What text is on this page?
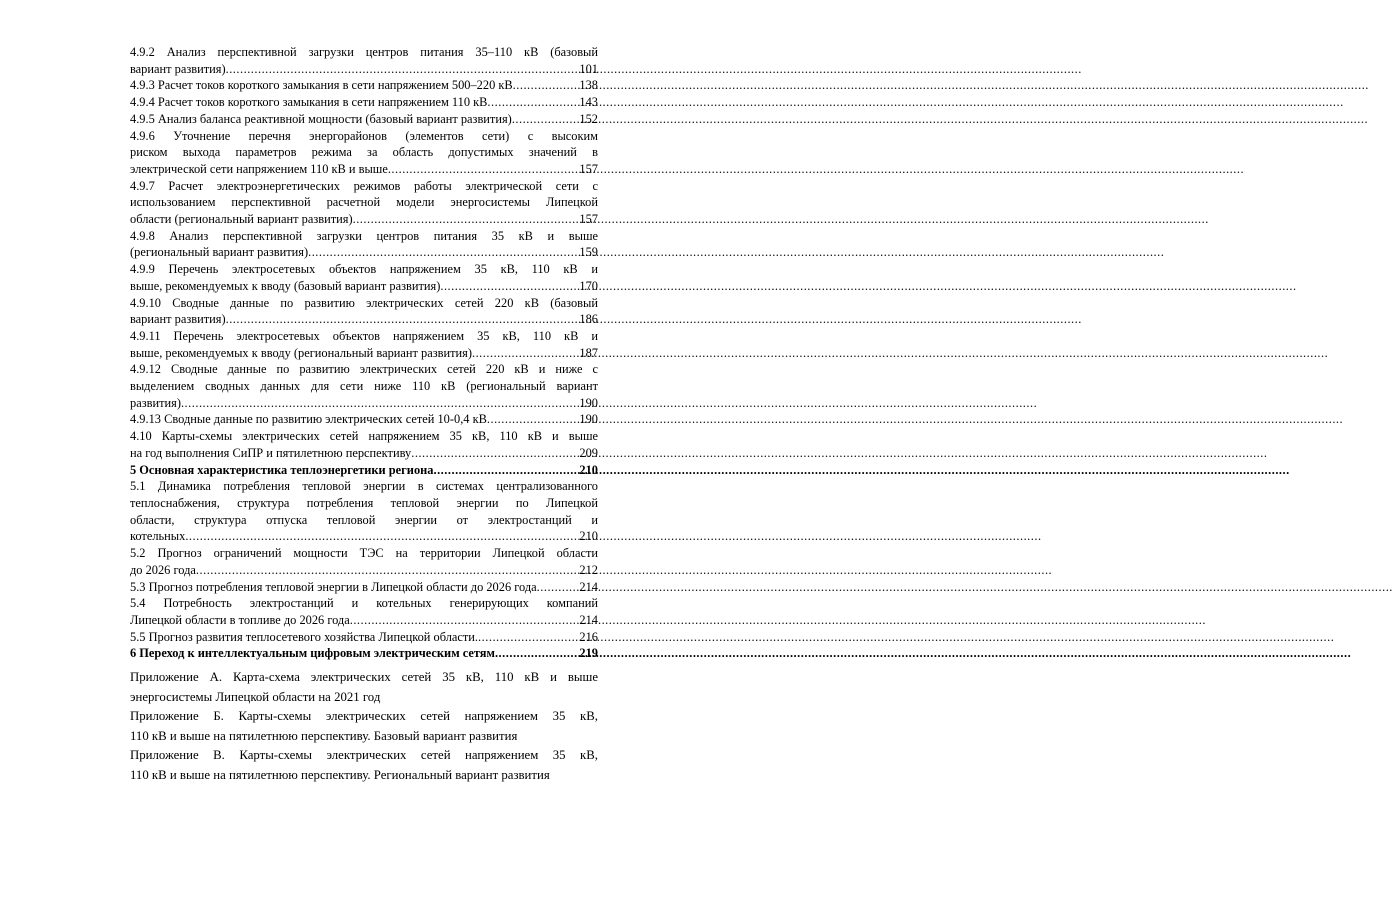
4.9.2 Анализ перспективной загрузки центров питания 35–110 кВ (базовый
вариант развития) .....	101
4.9.3 Расчет токов короткого замыкания в сети напряжением 500–220 кВ .....	138
4.9.4 Расчет токов короткого замыкания в сети напряжением 110 кВ .....	143
4.9.5 Анализ баланса реактивной мощности (базовый вариант развития) .....	152
4.9.6 Уточнение перечня энергорайонов (элементов сети) с высоким
риском выхода параметров режима за область допустимых значений в
электрической сети напряжением 110 кВ и выше .....	157
4.9.7 Расчет электроэнергетических режимов работы электрической сети с
использованием перспективной расчетной модели энергосистемы Липецкой
области (региональный вариант развития) .....	157
4.9.8 Анализ перспективной загрузки центров питания 35 кВ и выше
(региональный вариант развития) .....	159
4.9.9 Перечень электросетевых объектов напряжением 35 кВ, 110 кВ и
выше, рекомендуемых к вводу (базовый вариант развития) .....	170
4.9.10 Сводные данные по развитию электрических сетей 220 кВ (базовый
вариант развития) .....	186
4.9.11 Перечень электросетевых объектов напряжением 35 кВ, 110 кВ и
выше, рекомендуемых к вводу (региональный вариант развития) .....	187
4.9.12 Сводные данные по развитию электрических сетей 220 кВ и ниже с
выделением сводных данных для сети ниже 110 кВ (региональный вариант
развития) .....	190
4.9.13 Сводные данные по развитию электрических сетей 10-0,4 кВ .....	190
4.10 Карты-схемы электрических сетей напряжением 35 кВ, 110 кВ и выше
на год выполнения СиПР и пятилетнюю перспективу .....	209
5 Основная характеристика теплоэнергетики региона .....	210
5.1 Динамика потребления тепловой энергии в системах централизованного
теплоснабжения, структура потребления тепловой энергии по Липецкой
области, структура отпуска тепловой энергии от электростанций и
котельных .....	210
5.2 Прогноз ограничений мощности ТЭС на территории Липецкой области
до 2026 года .....	212
5.3 Прогноз потребления тепловой энергии в Липецкой области до 2026 года .....	214
5.4 Потребность электростанций и котельных генерирующих компаний
Липецкой области в топливе до 2026 года .....	214
5.5 Прогноз развития теплосетевого хозяйства Липецкой области. .....	216
6 Переход к интеллектуальным цифровым электрическим сетям .....	219
Приложение А. Карта-схема электрических сетей 35 кВ, 110 кВ и выше
энергосистемы Липецкой области на 2021 год
Приложение Б. Карты-схемы электрических сетей напряжением 35 кВ,
110 кВ и выше на пятилетнюю перспективу. Базовый вариант развития
Приложение В. Карты-схемы электрических сетей напряжением 35 кВ,
110 кВ и выше на пятилетнюю перспективу. Региональный вариант развития
